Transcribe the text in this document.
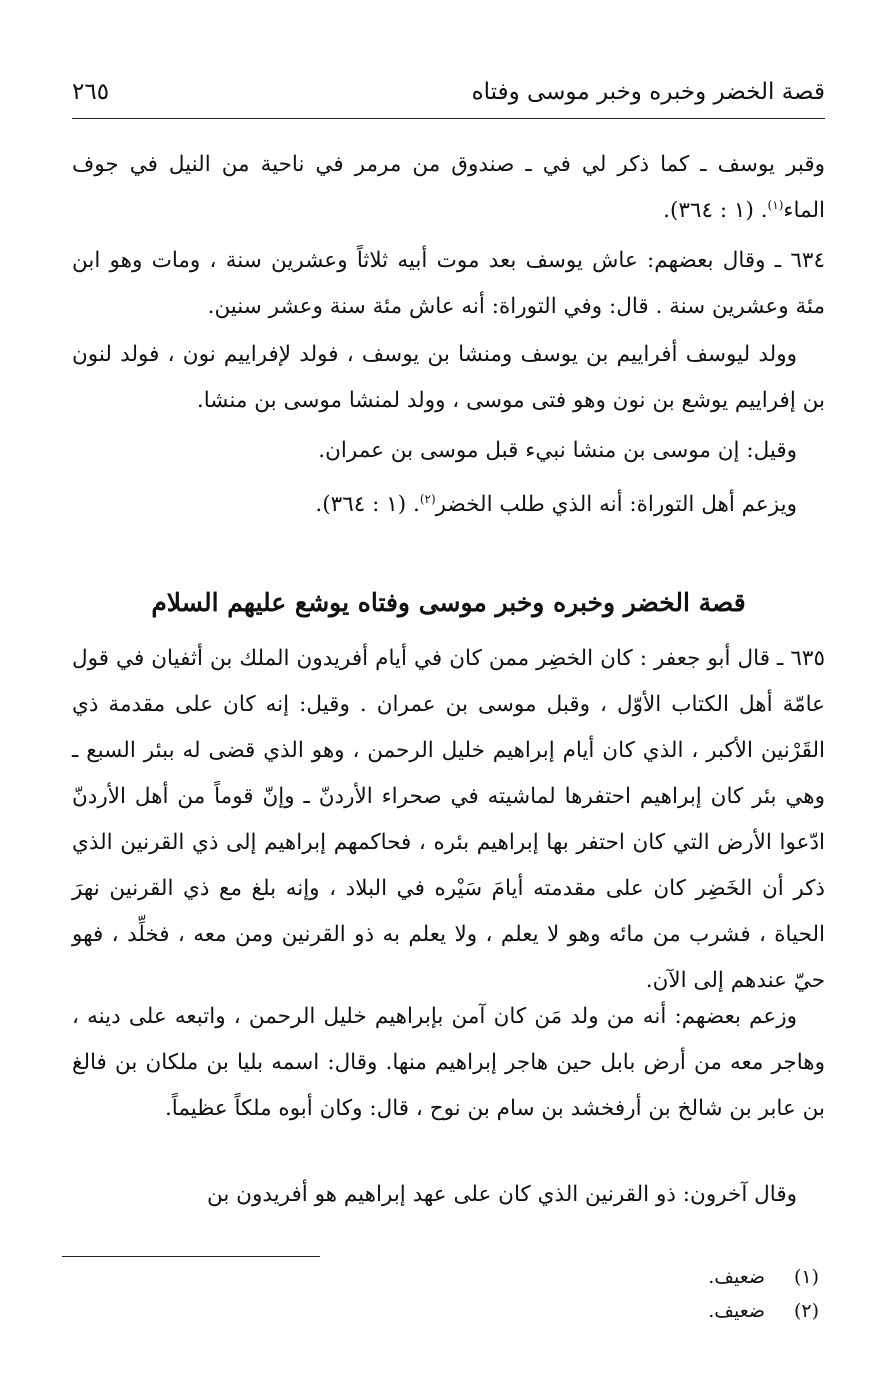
قصة الخضر وخبره وخبر موسى وفتاه
٢٦٥

وقبر يوسف ـ كما ذكر لي في ـ صندوق من مرمر في ناحية من النيل في جوف الماء$^{(١)}$. (١ : ٣٦٤).

٦٣٤ ـ وقال بعضهم: عاش يوسف بعد موت أبيه ثلاثاً وعشرين سنة ، ومات وهو ابن مئة وعشرين سنة . قال: وفي التوراة: أنه عاش مئة سنة وعشر سنين.

وولد ليوسف أفراييم بن يوسف ومنشا بن يوسف ، فولد لإفراييم نون ، فولد لنون بن إفراييم يوشع بن نون وهو فتى موسى ، وولد لمنشا موسى بن منشا.

وقيل: إن موسى بن منشا نبيء قبل موسى بن عمران.

ويزعم أهل التوراة: أنه الذي طلب الخضر$^{(٢)}$. (١ : ٣٦٤).

قصة الخضر وخبره وخبر موسى وفتاه يوشع عليهم السلام

٦٣٥ ـ قال أبو جعفر : كان الخضِر ممن كان في أيام أفريدون الملك بن أثفيان في قول عامّة أهل الكتاب الأوّل ، وقبل موسى بن عمران . وقيل: إنه كان على مقدمة ذي القَرْنين الأكبر ، الذي كان أيام إبراهيم خليل الرحمن ، وهو الذي قضى له ببئر السبع ـ وهي بئر كان إبراهيم احتفرها لماشيته في صحراء الأردنّ ـ وإنّ قوماً من أهل الأردنّ ادّعوا الأرض التي كان احتفر بها إبراهيم بئره ، فحاكمهم إبراهيم إلى ذي القرنين الذي ذكر أن الخَضِر كان على مقدمته أيامَ سَيْره في البلاد ، وإنه بلغ مع ذي القرنين نهرَ الحياة ، فشرب من مائه وهو لا يعلم ، ولا يعلم به ذو القرنين ومن معه ، فخلِّد ، فهو حيّ عندهم إلى الآن.

وزعم بعضهم: أنه من ولد مَن كان آمن بإبراهيم خليل الرحمن ، واتبعه على دينه ، وهاجر معه من أرض بابل حين هاجر إبراهيم منها. وقال: اسمه بليا بن ملكان بن فالغ بن عابر بن شالخ بن أرفخشد بن سام بن نوح ، قال: وكان أبوه ملكاً عظيماً.

وقال آخرون: ذو القرنين الذي كان على عهد إبراهيم هو أفريدون بن

(١)ضعيف.
(٢)ضعيف.
